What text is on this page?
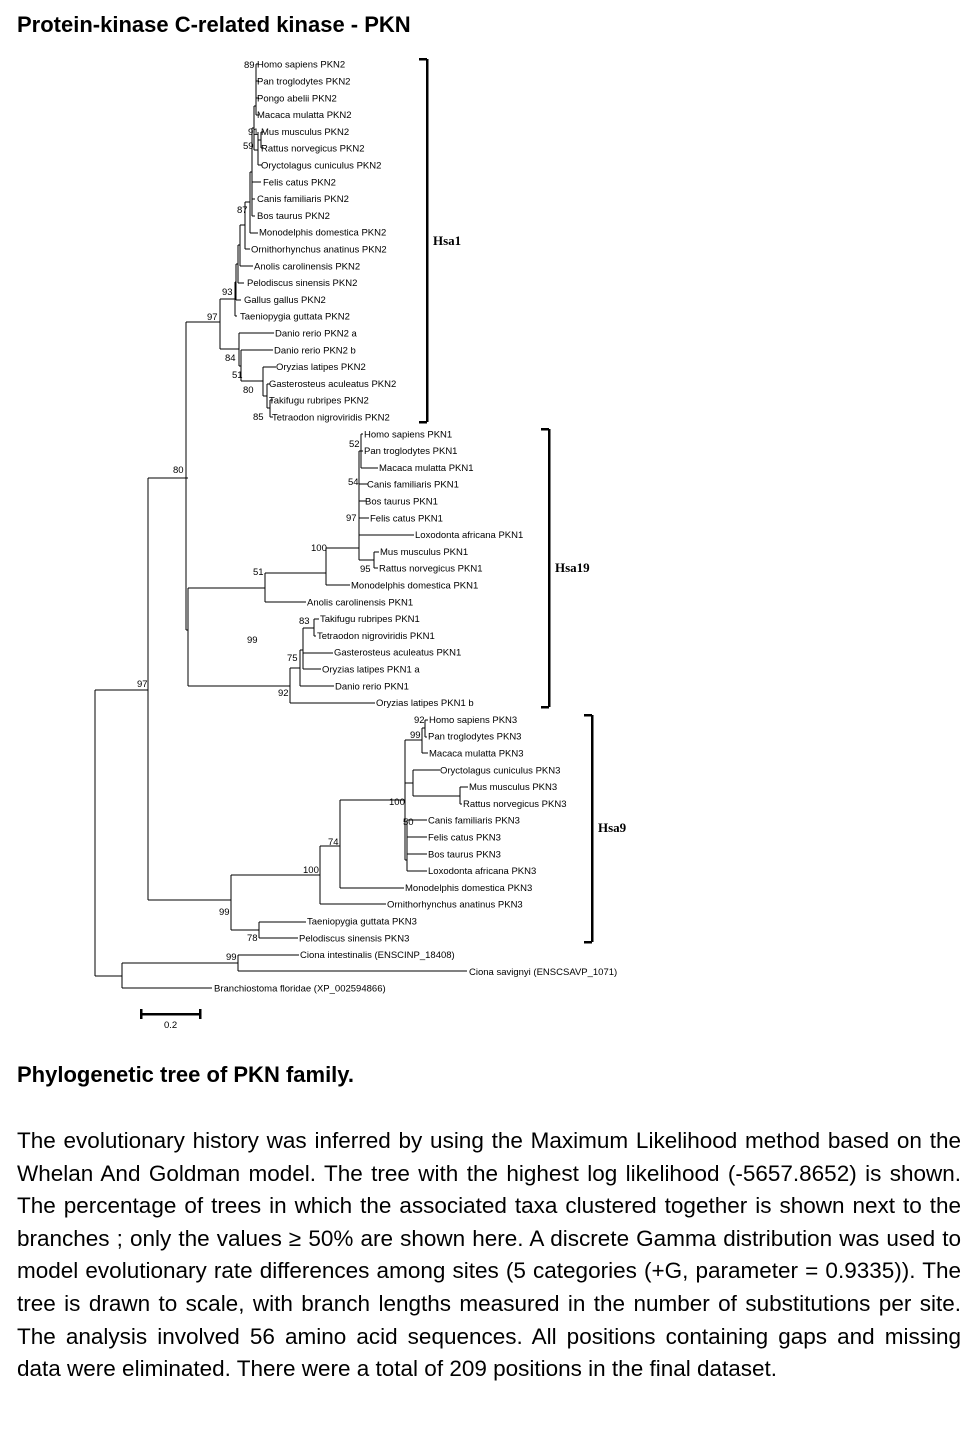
Protein-kinase C-related kinase - PKN
Homo sapiens PKN2
Pan troglodytes PKN2
Pongo abelii PKN2
Macaca mulatta PKN2
Mus musculus PKN2
Rattus norvegicus PKN2
Oryctolagus cuniculus PKN2
Felis catus PKN2
Canis familiaris PKN2
Bos taurus PKN2
Monodelphis domestica PKN2
Ornithorhynchus anatinus PKN2
Anolis carolinensis PKN2
Pelodiscus sinensis PKN2
Gallus gallus PKN2
Taeniopygia guttata PKN2
Danio rerio PKN2 a
Danio rerio PKN2 b
Oryzias latipes PKN2
Gasterosteus aculeatus PKN2
Takifugu rubripes PKN2
Tetraodon nigroviridis PKN2
Homo sapiens PKN1
Pan troglodytes PKN1
Macaca mulatta PKN1
Canis familiaris PKN1
Bos taurus PKN1
Felis catus PKN1
Loxodonta africana PKN1
Mus musculus PKN1
Rattus norvegicus PKN1
Monodelphis domestica PKN1
Anolis carolinensis PKN1
Takifugu rubripes PKN1
Tetraodon nigroviridis PKN1
Gasterosteus aculeatus PKN1
Oryzias latipes PKN1 a
Danio rerio PKN1
Oryzias latipes PKN1 b
Homo sapiens PKN3
Pan troglodytes PKN3
Macaca mulatta PKN3
Oryctolagus cuniculus PKN3
Mus musculus PKN3
Rattus norvegicus PKN3
Canis familiaris PKN3
Felis catus PKN3
Bos taurus PKN3
Loxodonta africana PKN3
Monodelphis domestica PKN3
Ornithorhynchus anatinus PKN3
Taeniopygia guttata PKN3
Pelodiscus sinensis PKN3
Ciona intestinalis (ENSCINP_18408)
Ciona savignyi (ENSCSAVP_1071)
Branchiostoma floridae (XP_002594866)
89
91
59
87
93
97
84
51
80
85
52
54
97
100
95
51
83
75
92
99
80
92
99
100
50
74
100
99
78
99
97
Hsa1
Hsa19
Hsa9
0.2
Phylogenetic tree of PKN family.
The evolutionary history was inferred by using the Maximum Likelihood method based on the Whelan And Goldman model. The tree with the highest log likelihood (-5657.8652) is shown. The percentage of trees in which the associated taxa clustered together is shown next to the branches ; only the values ≥ 50% are shown here. A discrete Gamma distribution was used to model evolutionary rate differences among sites (5 categories (+G, parameter = 0.9335)). The tree is drawn to scale, with branch lengths measured in the number of substitutions per site. The analysis involved 56 amino acid sequences. All positions containing gaps and missing data were eliminated. There were a total of 209 positions in the final dataset.
